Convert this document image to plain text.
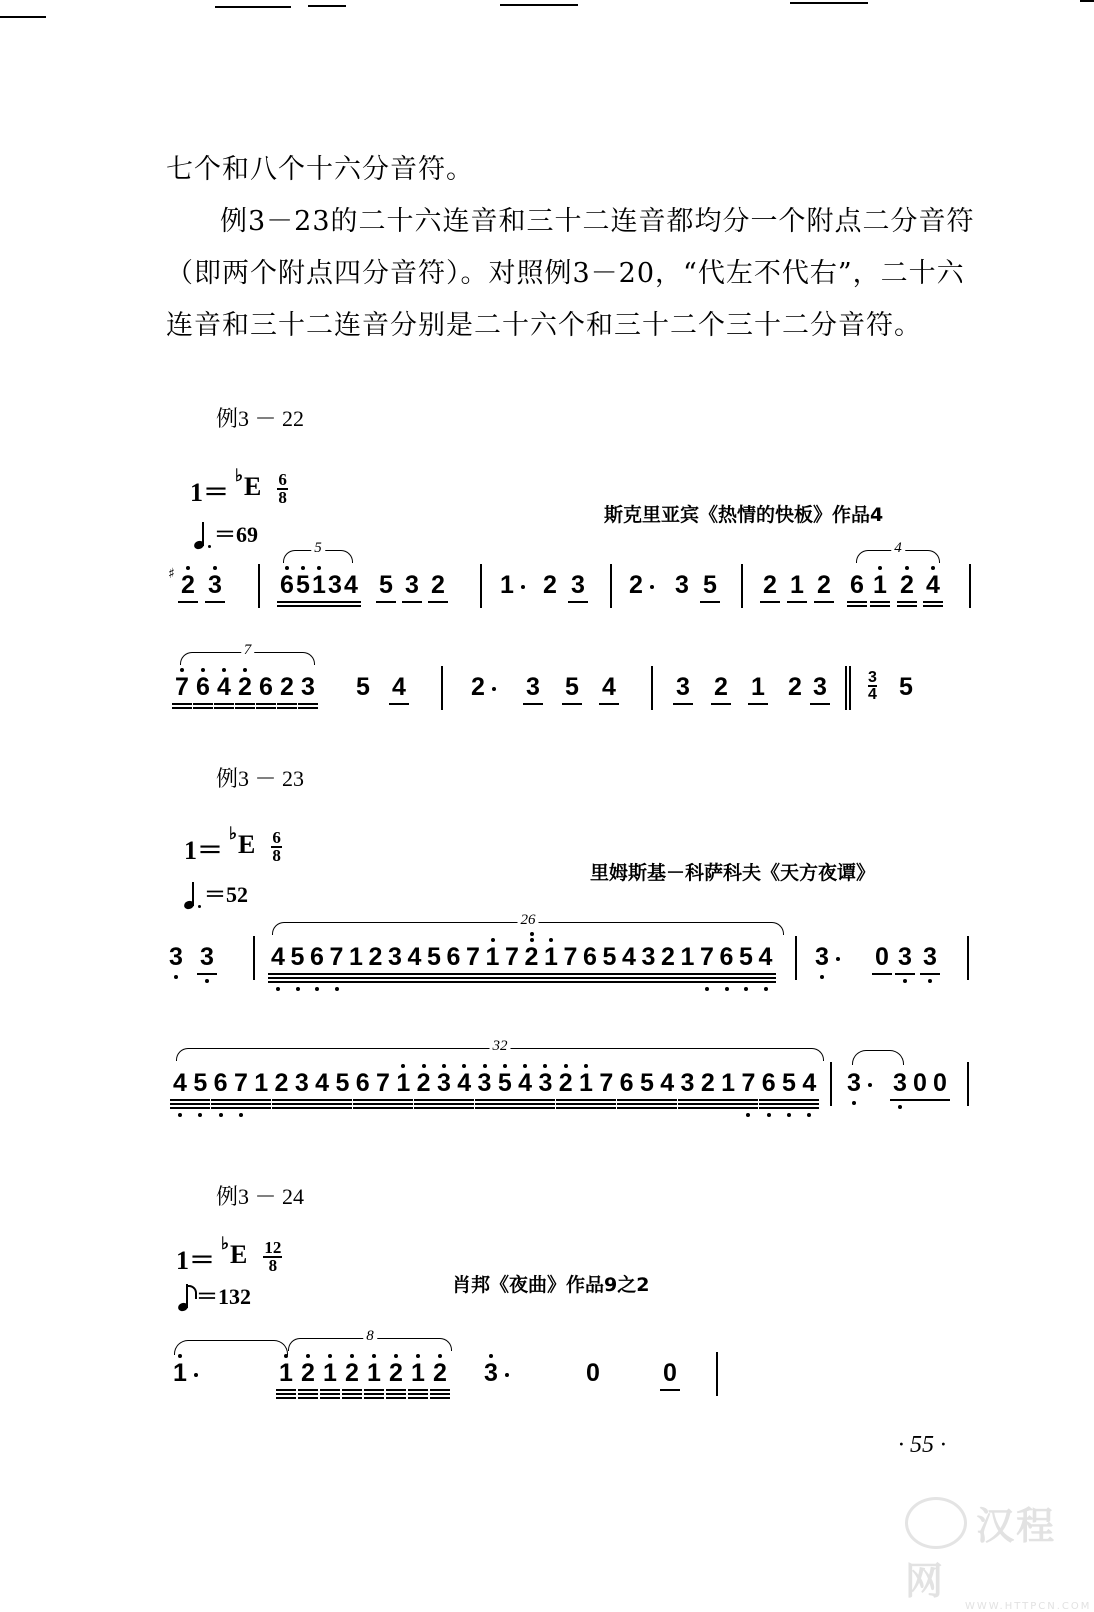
七个和八个十六分音符。

例3－23的二十六连音和三十二连音都均分一个附点二分音符（即两个附点四分音符）。对照例3－20，“代左不代右”，二十六连音和三十二连音分别是二十六个和三十二个三十二分音符。

例3 － 22
1＝
♭ E $\frac{6}{8}$
＝69
斯克里亚宾《热情的快板》作品4
♯ 2 3 6 5 1 3 4
5
5 3 2 1 2 3 2 3 5 2 1 2 6 1 2 4
4
7 6 4 2 6 2 3
7
5 4	2 3 5 4 3 2 1 2 3	$\frac{3}{4} 5$
例3 － 23
1＝
♭ E $\frac{6}{8}$
＝52
里姆斯基－科萨科夫《天方夜谭》
3 3 4 5 6 7 1 2 3 4 5 6 7 1 7 2 1 7 6 5 4 3 2 1 7 6 5 4
26
3 0 3 3
4 5 6 7 1 2 3 4 5 6 7 1 2 3 4 3 5 4 3 2 1 7 6 5 4 3 2 1 7 6 5 4
32
3 3 0 0
例3 － 24
1＝
♭ E $\frac{12}{8}$
＝132	肖邦《夜曲》作品9之2
1	1 2 1 2 1 2 1 2
8
3	0	0
· 55 ·
汉程网
WWW.HTTPCN.COM
